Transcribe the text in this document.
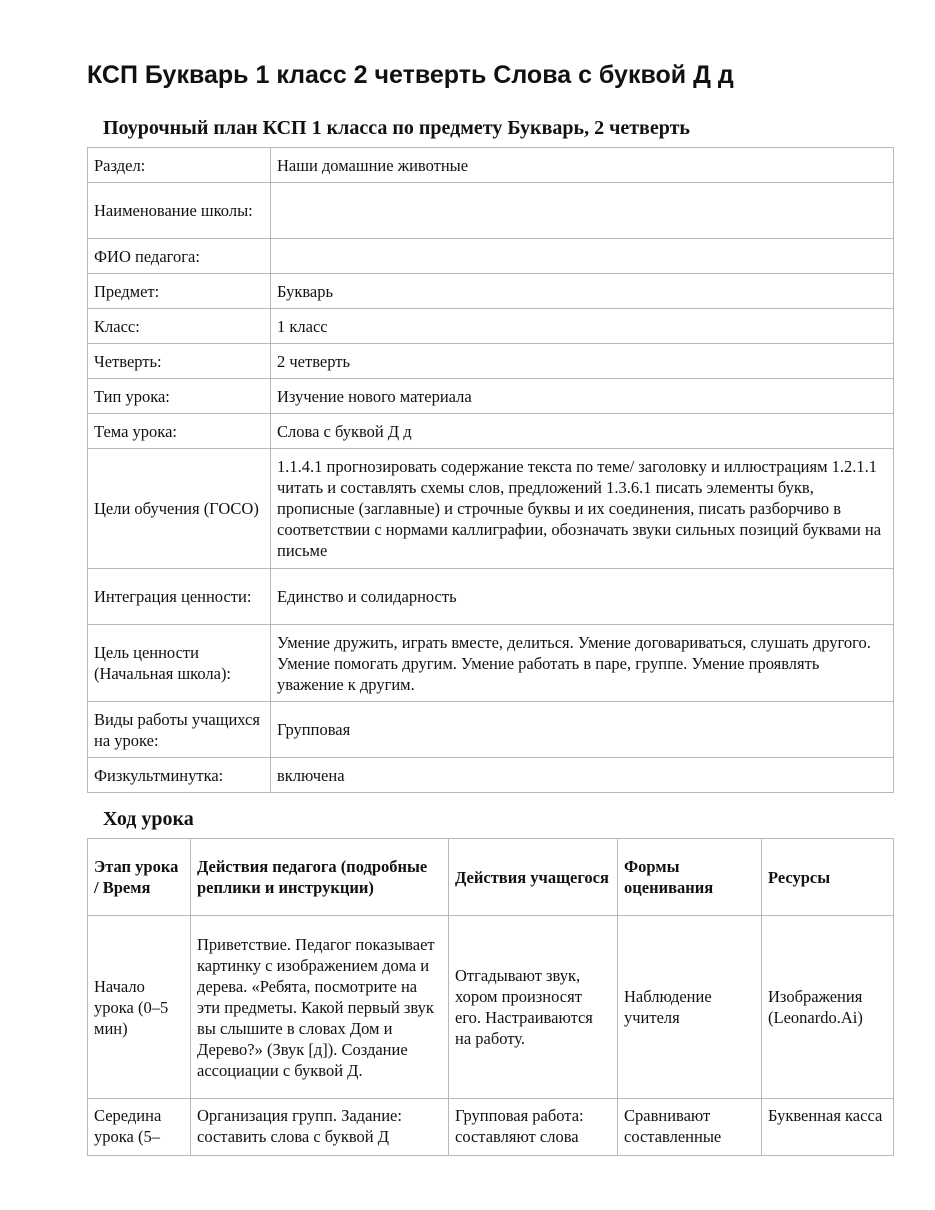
КСП Букварь 1 класс 2 четверть Слова с буквой Д д
Поурочный план КСП 1 класса по предмету Букварь, 2 четверть
Раздел:	Наши домашние животные
Наименование школы:	
ФИО педагога:	
Предмет:	Букварь
Класс:	1 класс
Четверть:	2 четверть
Тип урока:	Изучение нового материала
Тема урока:	Слова с буквой Д д
Цели обучения (ГОСО)	1.1.4.1 прогнозировать содержание текста по теме/ заголовку и иллюстрациям 1.2.1.1 читать и составлять схемы слов, предложений 1.3.6.1 писать элементы букв, прописные (заглавные) и строчные буквы и их соединения, писать разборчиво в соответствии с нормами каллиграфии, обозначать звуки сильных позиций буквами на письме
Интеграция ценности:	Единство и солидарность
Цель ценности (Начальная школа):	Умение дружить, играть вместе, делиться. Умение договариваться, слушать другого. Умение помогать другим. Умение работать в паре, группе. Умение проявлять уважение к другим.
Виды работы учащихся на уроке:	Групповая
Физкультминутка:	включена
Ход урока
Этап урока / Время	Действия педагога (подробные реплики и инструкции)	Действия учащегося	Формы оценивания	Ресурсы
Начало урока (0–5 мин)	Приветствие. Педагог показывает картинку с изображением дома и дерева. «Ребята, посмотрите на эти предметы. Какой первый звук вы слышите в словах Дом и Дерево?» (Звук [д]). Создание ассоциации с буквой Д.	Отгадывают звук, хором произносят его. Настраиваются на работу.	Наблюдение учителя	Изображения (Leonardo.Ai)
Середина урока (5–	Организация групп. Задание: составить слова с буквой Д	Групповая работа: составляют слова	Сравнивают составленные	Буквенная касса
